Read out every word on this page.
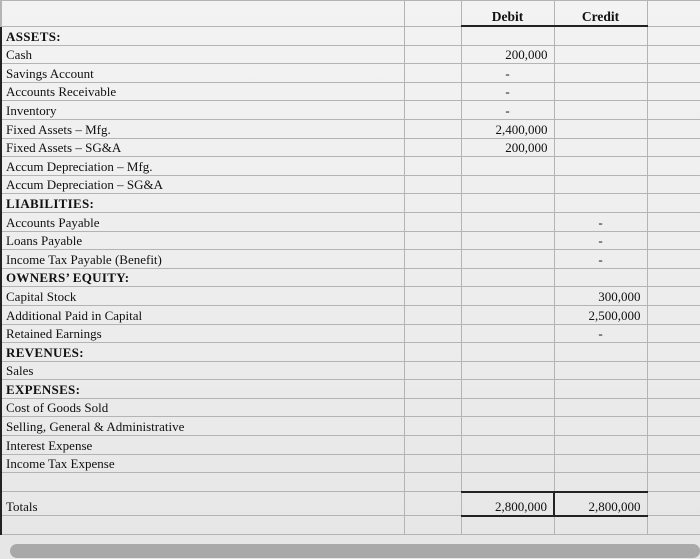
		Debit	Credit	
ASSETS:				
Cash		200,000		
Savings Account		-		
Accounts Receivable		-		
Inventory		-		
Fixed Assets – Mfg.		2,400,000		
Fixed Assets – SG&A		200,000		
Accum Depreciation – Mfg.				
Accum Depreciation – SG&A				
LIABILITIES:				
Accounts Payable			-	
Loans Payable			-	
Income Tax Payable (Benefit)			-	
OWNERS’ EQUITY:				
Capital Stock			300,000	
Additional Paid in Capital			2,500,000	
Retained Earnings			-	
REVENUES:				
Sales				
EXPENSES:				
Cost of Goods Sold				
Selling, General & Administrative				
Interest Expense				
Income Tax Expense				

Totals		2,800,000	2,800,000	
